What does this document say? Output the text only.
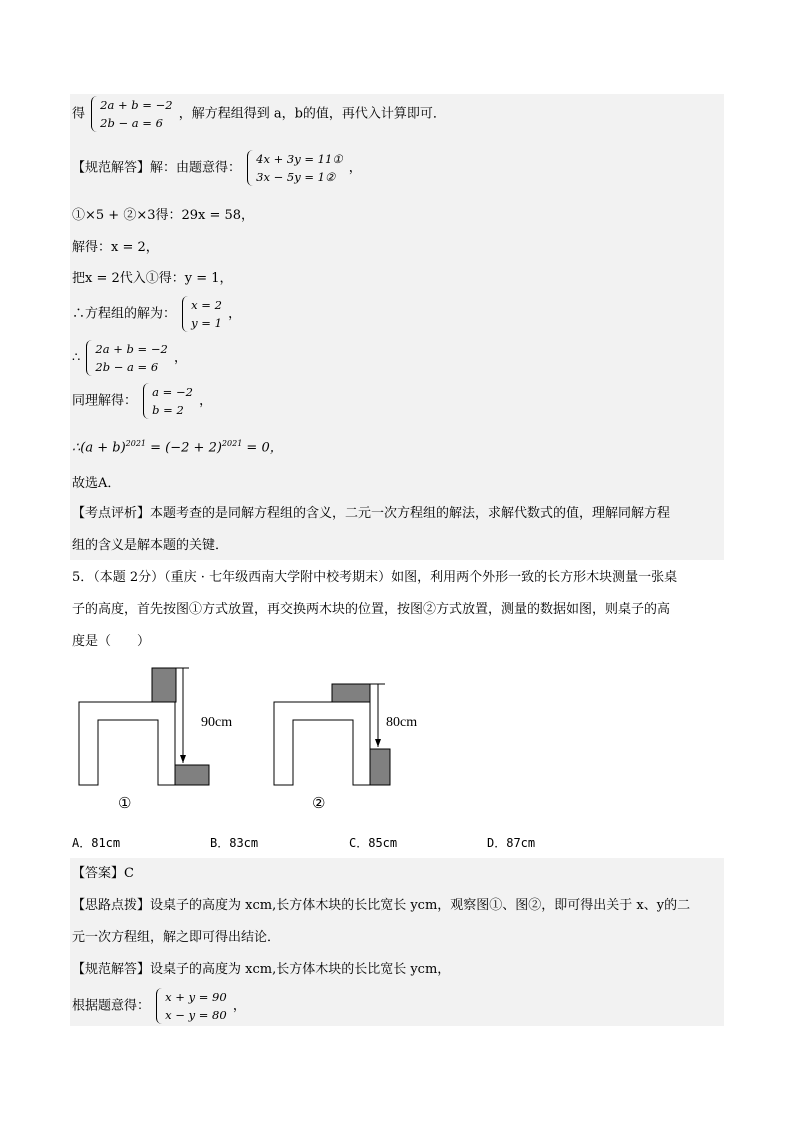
得
2a + b = −2
2b − a = 6
，解方程组得到 a，b的值，再代入计算即可．
【规范解答】解：由题意得：
4x + 3y = 11①
3x − 5y = 1②
，
①×5 + ②×3得：29x = 58，
解得：x = 2，
把x = 2代入①得：y = 1，
∴方程组的解为：
x = 2
y = 1
，
∴
2a + b = −2
2b − a = 6
，
同理解得：
a = −2
b = 2
，
∴(a + $b)^{2021} = (-2 + 2)^{2021} = 0$，
故选A．
【考点评析】本题考查的是同解方程组的含义，二元一次方程组的解法，求解代数式的值，理解同解方程
组的含义是解本题的关键．
5．（本题 2分）（重庆 · 七年级西南大学附中校考期末）如图，利用两个外形一致的长方形木块测量一张桌
子的高度，首先按图①方式放置，再交换两木块的位置，按图②方式放置，测量的数据如图，则桌子的高
度是（　　）
90cm	80cm
①	②
A．81cm	B．83cm	C．85cm	D．87cm
【答案】C
【思路点拨】设桌子的高度为 xcm,长方体木块的长比宽长 ycm，观察图①、图②，即可得出关于 x、y的二
元一次方程组，解之即可得出结论．
【规范解答】设桌子的高度为 xcm,长方体木块的长比宽长 ycm，
根据题意得：
x + y = 90
x − y = 80
，
